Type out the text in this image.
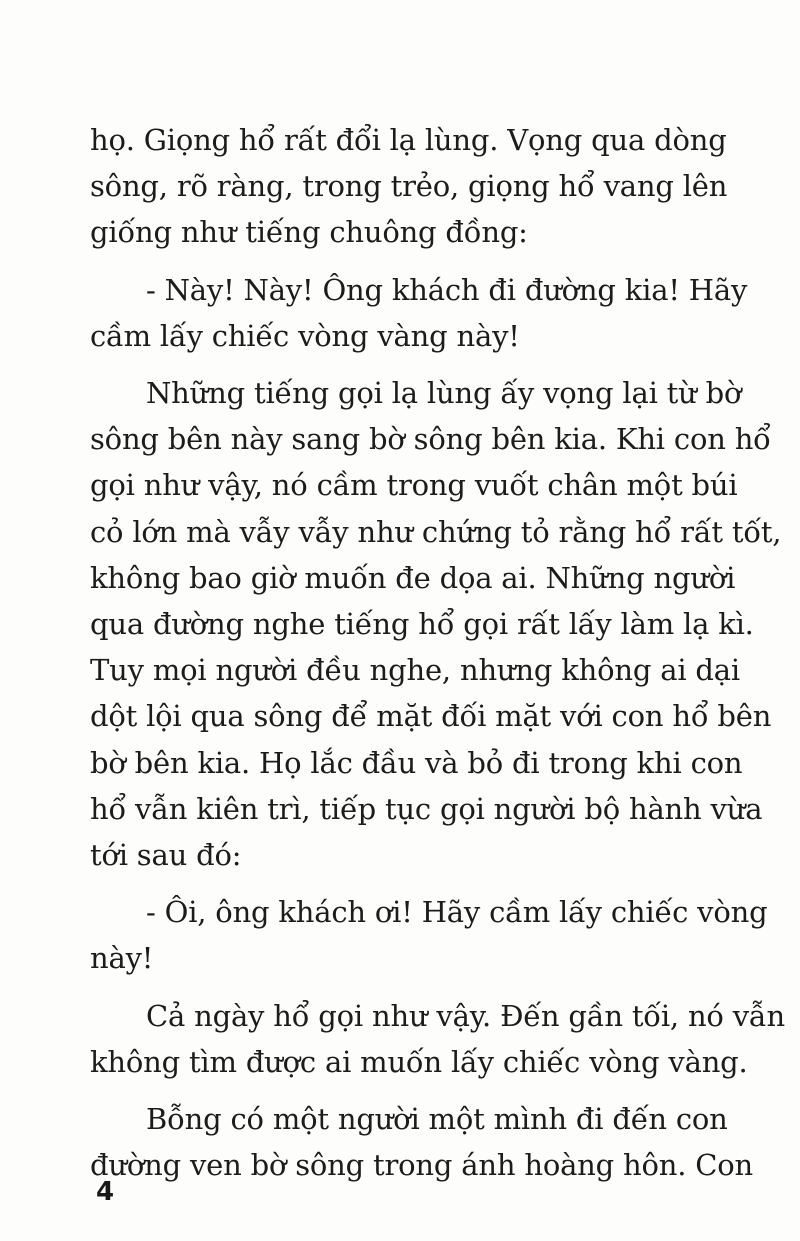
họ. Giọng hổ rất đổi lạ lùng. Vọng qua dòng
sông, rõ ràng, trong trẻo, giọng hổ vang lên
giống như tiếng chuông đồng:

- Này! Này! Ông khách đi đường kia! Hãy
cầm lấy chiếc vòng vàng này!

Những tiếng gọi lạ lùng ấy vọng lại từ bờ
sông bên này sang bờ sông bên kia. Khi con hổ
gọi như vậy, nó cầm trong vuốt chân một búi
cỏ lớn mà vẫy vẫy như chứng tỏ rằng hổ rất tốt,
không bao giờ muốn đe dọa ai. Những người
qua đường nghe tiếng hổ gọi rất lấy làm lạ kì.
Tuy mọi người đều nghe, nhưng không ai dại
dột lội qua sông để mặt đối mặt với con hổ bên
bờ bên kia. Họ lắc đầu và bỏ đi trong khi con
hổ vẫn kiên trì, tiếp tục gọi người bộ hành vừa
tới sau đó:

- Ôi, ông khách ơi! Hãy cầm lấy chiếc vòng
này!

Cả ngày hổ gọi như vậy. Đến gần tối, nó vẫn
không tìm được ai muốn lấy chiếc vòng vàng.

Bỗng có một người một mình đi đến con
đường ven bờ sông trong ánh hoàng hôn. Con

4
